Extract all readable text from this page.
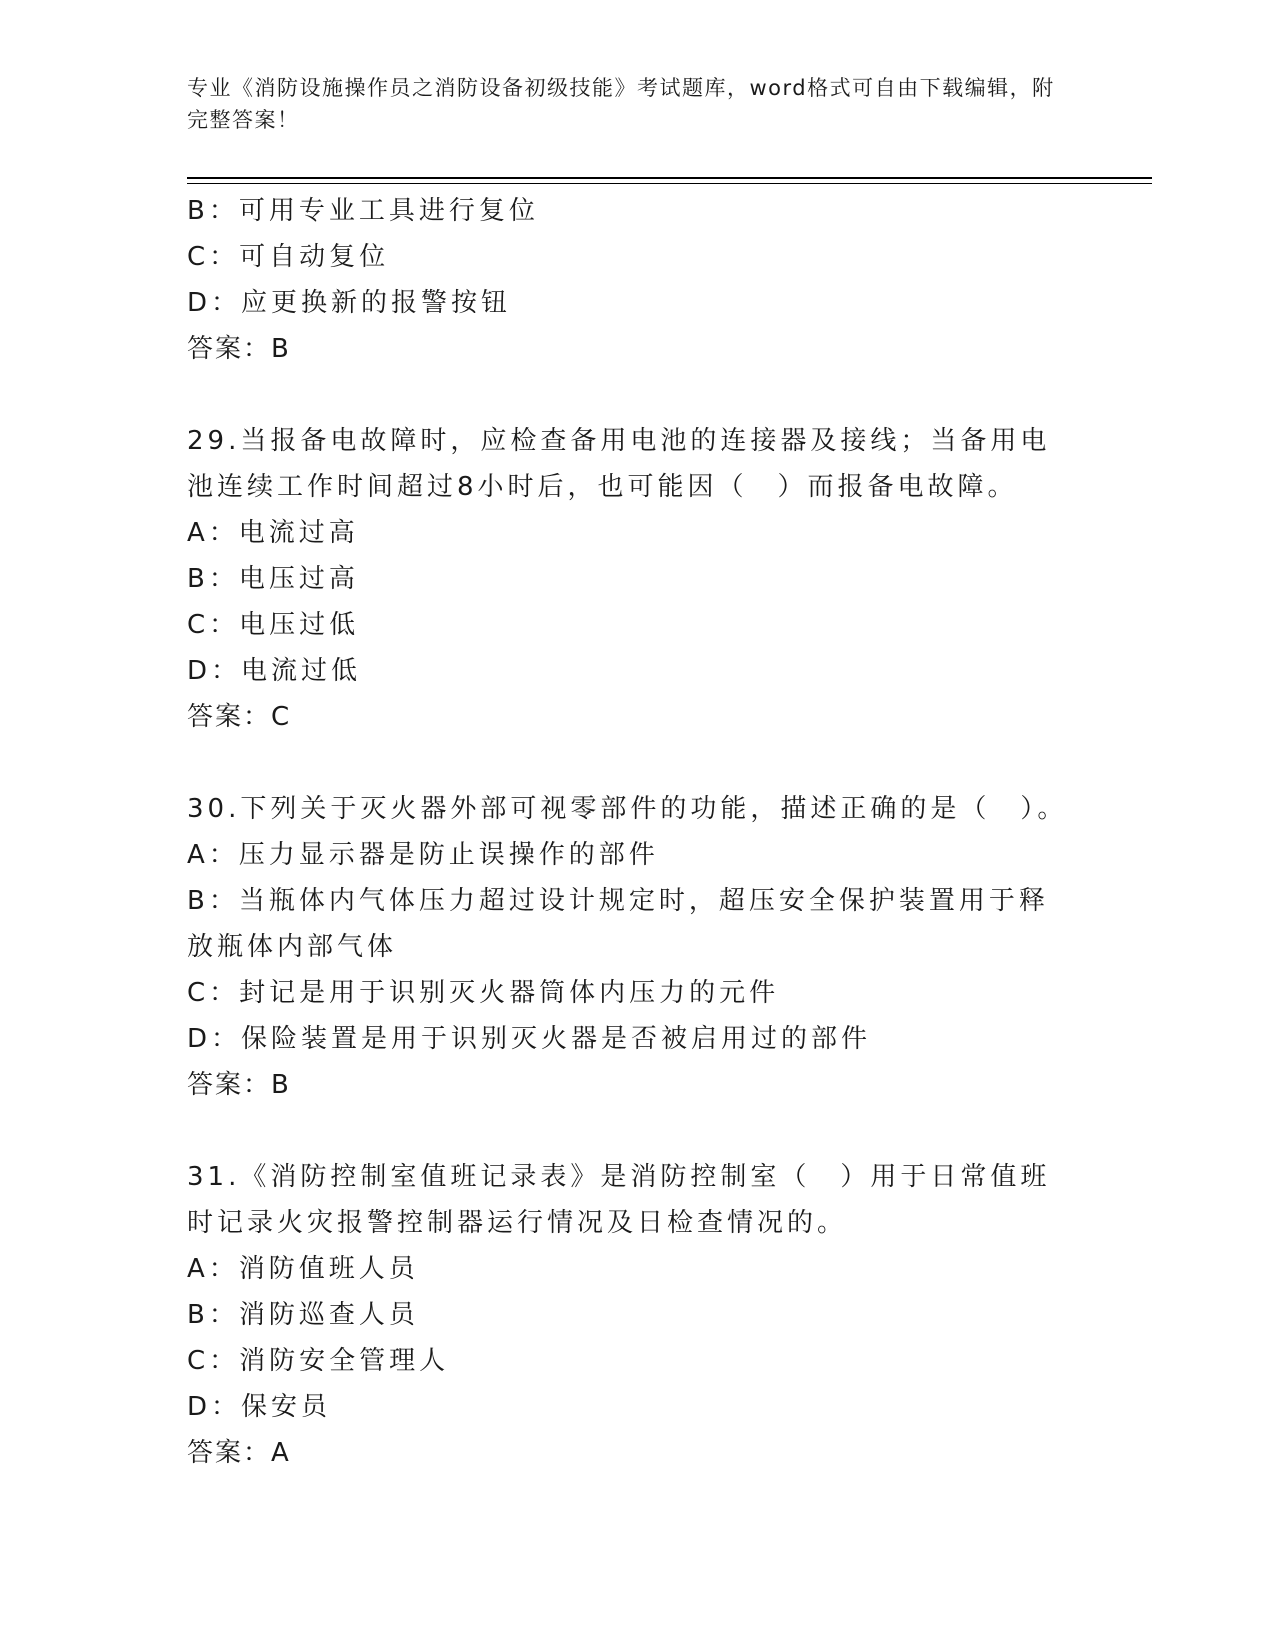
专业《消防设施操作员之消防设备初级技能》考试题库，word格式可自由下载编辑，附完整答案！
B：可用专业工具进行复位
C：可自动复位
D：应更换新的报警按钮
答案：B
29.当报备电故障时，应检查备用电池的连接器及接线；当备用电池连续工作时间超过8小时后，也可能因（　）而报备电故障。
A：电流过高
B：电压过高
C：电压过低
D：电流过低
答案：C
30.下列关于灭火器外部可视零部件的功能，描述正确的是（　）。
A：压力显示器是防止误操作的部件
B：当瓶体内气体压力超过设计规定时，超压安全保护装置用于释放瓶体内部气体
C：封记是用于识别灭火器筒体内压力的元件
D：保险装置是用于识别灭火器是否被启用过的部件
答案：B
31.《消防控制室值班记录表》是消防控制室（　）用于日常值班时记录火灾报警控制器运行情况及日检查情况的。
A：消防值班人员
B：消防巡查人员
C：消防安全管理人
D：保安员
答案：A
